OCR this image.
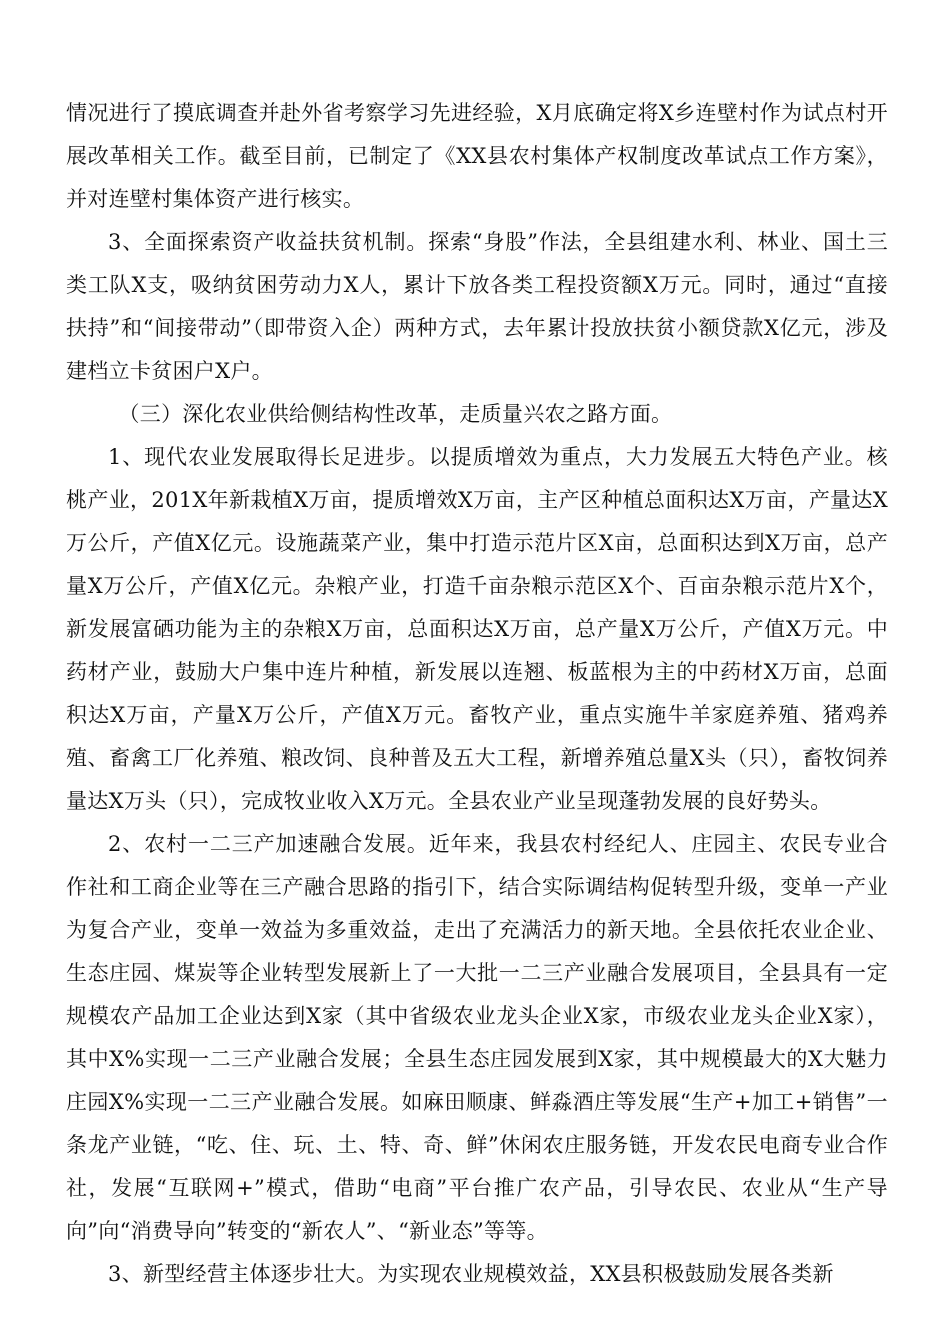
情况进行了摸底调查并赴外省考察学习先进经验，X月底确定将X乡连壁村作为试点村开展改革相关工作。截至目前，已制定了《XX县农村集体产权制度改革试点工作方案》，并对连壁村集体资产进行核实。

3、全面探索资产收益扶贫机制。探索“身股”作法，全县组建水利、林业、国土三类工队X支，吸纳贫困劳动力X人，累计下放各类工程投资额X万元。同时，通过“直接扶持”和“间接带动”（即带资入企）两种方式，去年累计投放扶贫小额贷款X亿元，涉及建档立卡贫困户X户。

（三）深化农业供给侧结构性改革，走质量兴农之路方面。

1、现代农业发展取得长足进步。以提质增效为重点，大力发展五大特色产业。核桃产业，201X年新栽植X万亩，提质增效X万亩，主产区种植总面积达X万亩，产量达X万公斤，产值X亿元。设施蔬菜产业，集中打造示范片区X亩，总面积达到X万亩，总产量X万公斤，产值X亿元。杂粮产业，打造千亩杂粮示范区X个、百亩杂粮示范片X个，新发展富硒功能为主的杂粮X万亩，总面积达X万亩，总产量X万公斤，产值X万元。中药材产业，鼓励大户集中连片种植，新发展以连翘、板蓝根为主的中药材X万亩，总面积达X万亩，产量X万公斤，产值X万元。畜牧产业，重点实施牛羊家庭养殖、猪鸡养殖、畜禽工厂化养殖、粮改饲、良种普及五大工程，新增养殖总量X头（只），畜牧饲养量达X万头（只），完成牧业收入X万元。全县农业产业呈现蓬勃发展的良好势头。

2、农村一二三产加速融合发展。近年来，我县农村经纪人、庄园主、农民专业合作社和工商企业等在三产融合思路的指引下，结合实际调结构促转型升级，变单一产业为复合产业，变单一效益为多重效益，走出了充满活力的新天地。全县依托农业企业、生态庄园、煤炭等企业转型发展新上了一大批一二三产业融合发展项目，全县具有一定规模农产品加工企业达到X家（其中省级农业龙头企业X家，市级农业龙头企业X家），其中X%实现一二三产业融合发展；全县生态庄园发展到X家，其中规模最大的X大魅力庄园X%实现一二三产业融合发展。如麻田顺康、鲜淼酒庄等发展“生产+加工+销售”一条龙产业链，“吃、住、玩、土、特、奇、鲜”休闲农庄服务链，开发农民电商专业合作社，发展“互联网+”模式，借助“电商”平台推广农产品，引导农民、农业从“生产导向”向“消费导向”转变的“新农人”、“新业态”等等。

3、新型经营主体逐步壮大。为实现农业规模效益，XX县积极鼓励发展各类新
